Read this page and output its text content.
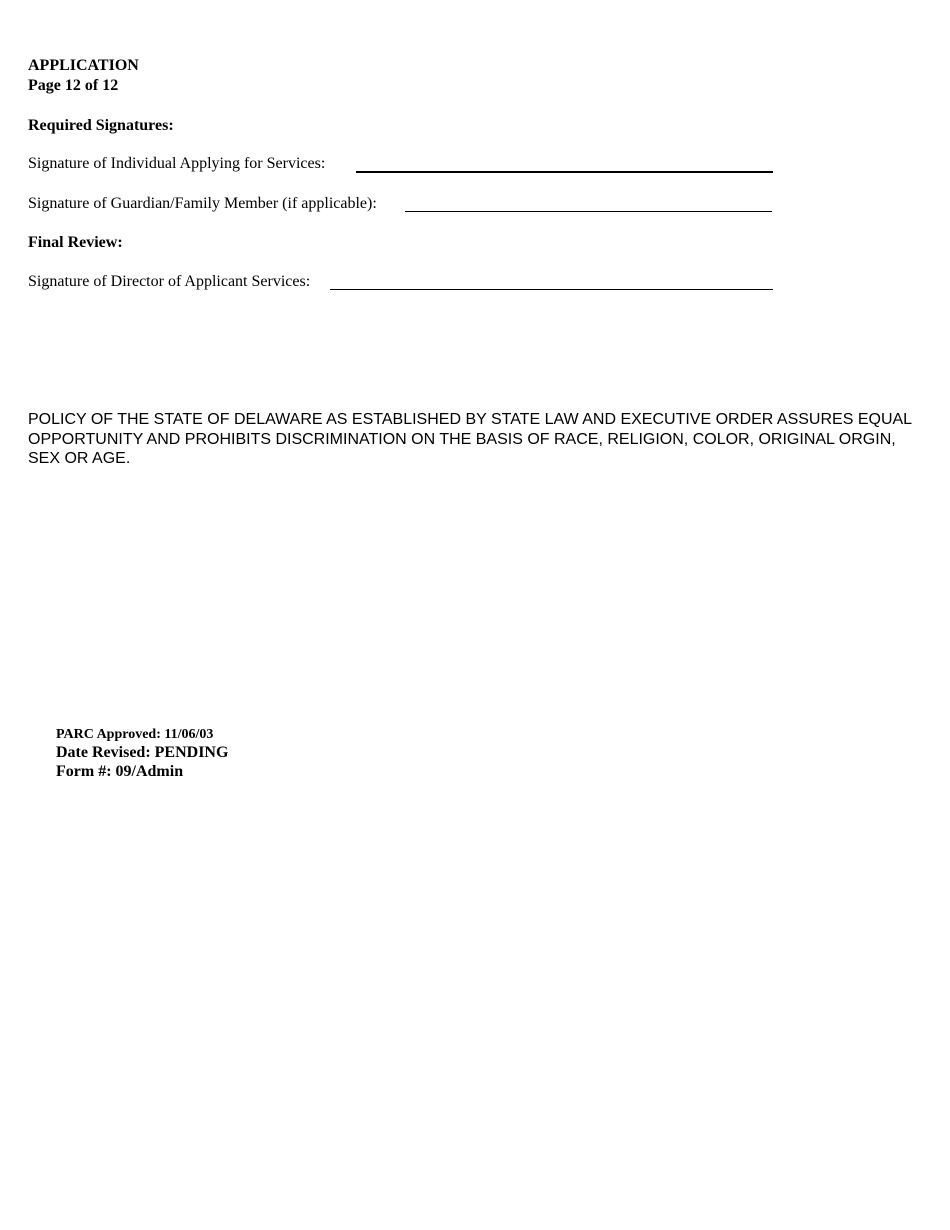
APPLICATION
Page 12 of 12
Required Signatures:
Signature of Individual Applying for Services:
Signature of Guardian/Family Member (if applicable):
Final Review:
Signature of Director of Applicant Services:
POLICY OF THE STATE OF DELAWARE AS ESTABLISHED BY STATE LAW AND EXECUTIVE ORDER ASSURES EQUAL OPPORTUNITY AND PROHIBITS DISCRIMINATION ON THE BASIS OF RACE, RELIGION, COLOR, ORIGINAL ORGIN, SEX OR AGE.
PARC Approved: 11/06/03
Date Revised: PENDING
Form #: 09/Admin
